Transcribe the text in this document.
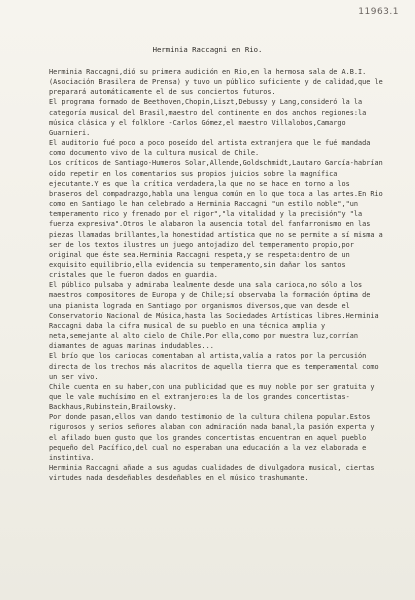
11963.1
Herminia Raccagni en Rio.

Herminia Raccagni,dió su primera audición en Rio,en la hermosa sala de A.B.I. (Asociación Brasilera de Prensa) y tuvo un público suficiente y de calidad,que le preparará automáticamente el de sus conciertos futuros.

El programa formado de Beethoven,Chopin,Liszt,Debussy y Lang,consideró la la categoría musical del Brasil,maestro del continente en dos anchos regiones:la música clásica y el folklore -Carlos Gómez,el maestro Villalobos,Camargo Guarnieri.

El auditorio fué poco a poco poseído del artista extranjera que le fué mandada como documento vivo de la cultura musical de Chile.

Los críticos de Santiago-Humeros Solar,Allende,Goldschmidt,Lautaro García-habrían oído repetir en los comentarios sus propios juicios sobre la magnífica ejecutante.Y es que la crítica verdadera,la que no se hace en torno a los braseros del compadrazgo,habla una lengua común en lo que toca a las artes.En Rio como en Santiago le han celebrado a Herminia Raccagni "un estilo noble","un temperamento rico y frenado por el rigor","la vitalidad y la precisión"y "la fuerza expresiva".Otros le alabaron la ausencia total del fanfarronismo en las piezas llamadas brillantes,la honestidad artística que no se permite a sí misma a ser de los textos ilustres un juego antojadizo del temperamento propio,por original que éste sea.Herminia Raccagni respeta,y se respeta:dentro de un exquisito equilibrio,ella evidencia su temperamento,sin dañar los santos cristales que le fueron dados en guardia.

El público pulsaba y admiraba lealmente desde una sala carioca,no sólo a los maestros compositores de Europa y de Chile;sí observaba la formación óptima de una pianista lograda en Santiago por organismos diversos,que van desde el Conservatorio Nacional de Música,hasta las Sociedades Artísticas libres.Herminia Raccagni daba la cifra musical de su pueblo en una técnica amplia y neta,semejante al alto cielo de Chile.Por ella,como por muestra luz,corrían diamantes de aguas marinas indudables...

El brío que los cariocas comentaban al artista,valía a ratos por la percusión directa de los trechos más alacritos de aquella tierra que es temperamental como un ser vivo.

Chile cuenta en su haber,con una publicidad que es muy noble por ser gratuita y que le vale muchísimo en el extranjero:es la de los grandes concertistas-Backhaus,Rubinstein,Brailowsky.

Por donde pasan,ellos van dando testimonio de la cultura chilena popular.Estos rigurosos y serios señores alaban con admiración nada banal,la pasión experta y el afilado buen gusto que los grandes concertistas encuentran en aquel pueblo pequeño del Pacífico,del cual no esperaban una educación a la vez elaborada e instintiva.

Herminia Raccagni añade a sus agudas cualidades de divulgadora musical, ciertas virtudes nada desdeñables desdeñables en el músico trashumante.
